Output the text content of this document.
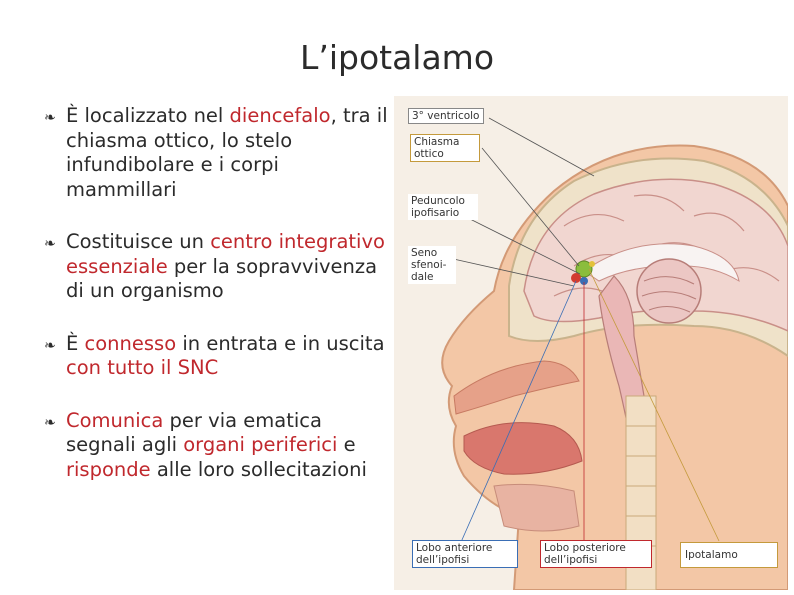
L’ipotalamo
❧ È localizzato nel diencefalo, tra il chiasma ottico, lo stelo infundibolare e i corpi mammillari
❧ Costituisce un centro integrativo essenziale per la sopravvivenza di un organismo
❧ È connesso in entrata e in uscita con tutto il SNC
❧ Comunica per via ematica segnali agli organi periferici e risponde alle loro sollecitazioni
3° ventricolo
Chiasma ottico
Peduncolo ipofisario
Seno sfenoi-dale
Lobo anteriore dell’ipofisi
Lobo posteriore dell’ipofisi	Ipotalamo
